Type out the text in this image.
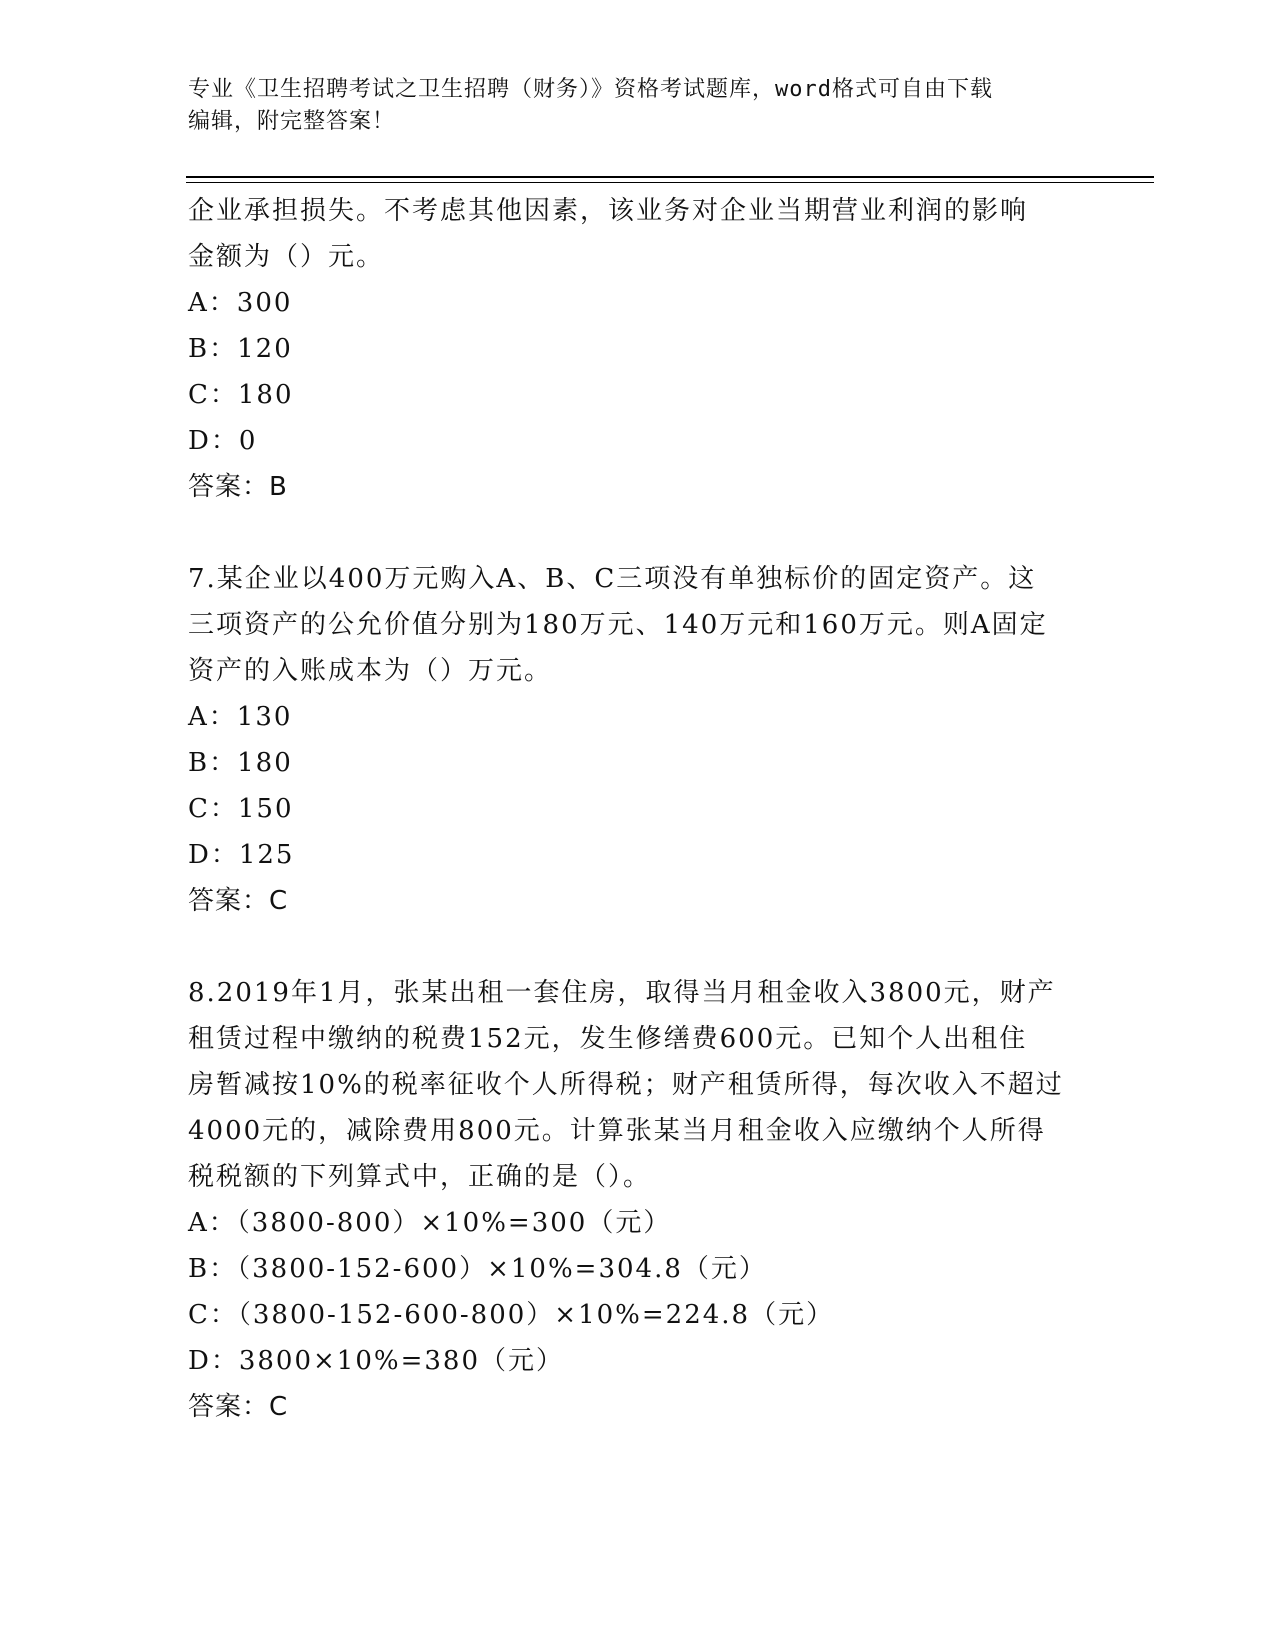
专业《卫生招聘考试之卫生招聘（财务）》资格考试题库，word格式可自由下载
编辑，附完整答案！
企业承担损失。不考虑其他因素，该业务对企业当期营业利润的影响
金额为（）元。
A：300
B：120
C：180
D：0
答案：B
7.某企业以400万元购入A、B、C三项没有单独标价的固定资产。这
三项资产的公允价值分别为180万元、140万元和160万元。则A固定
资产的入账成本为（）万元。
A：130
B：180
C：150
D：125
答案：C
8.2019年1月，张某出租一套住房，取得当月租金收入3800元，财产
租赁过程中缴纳的税费152元，发生修缮费600元。已知个人出租住
房暂减按10%的税率征收个人所得税；财产租赁所得，每次收入不超过
4000元的，减除费用800元。计算张某当月租金收入应缴纳个人所得
税税额的下列算式中，正确的是（）。
A：（3800-800）×10%=300（元）
B：（3800-152-600）×10%=304.8（元）
C：（3800-152-600-800）×10%=224.8（元）
D：3800×10%=380（元）
答案：C
